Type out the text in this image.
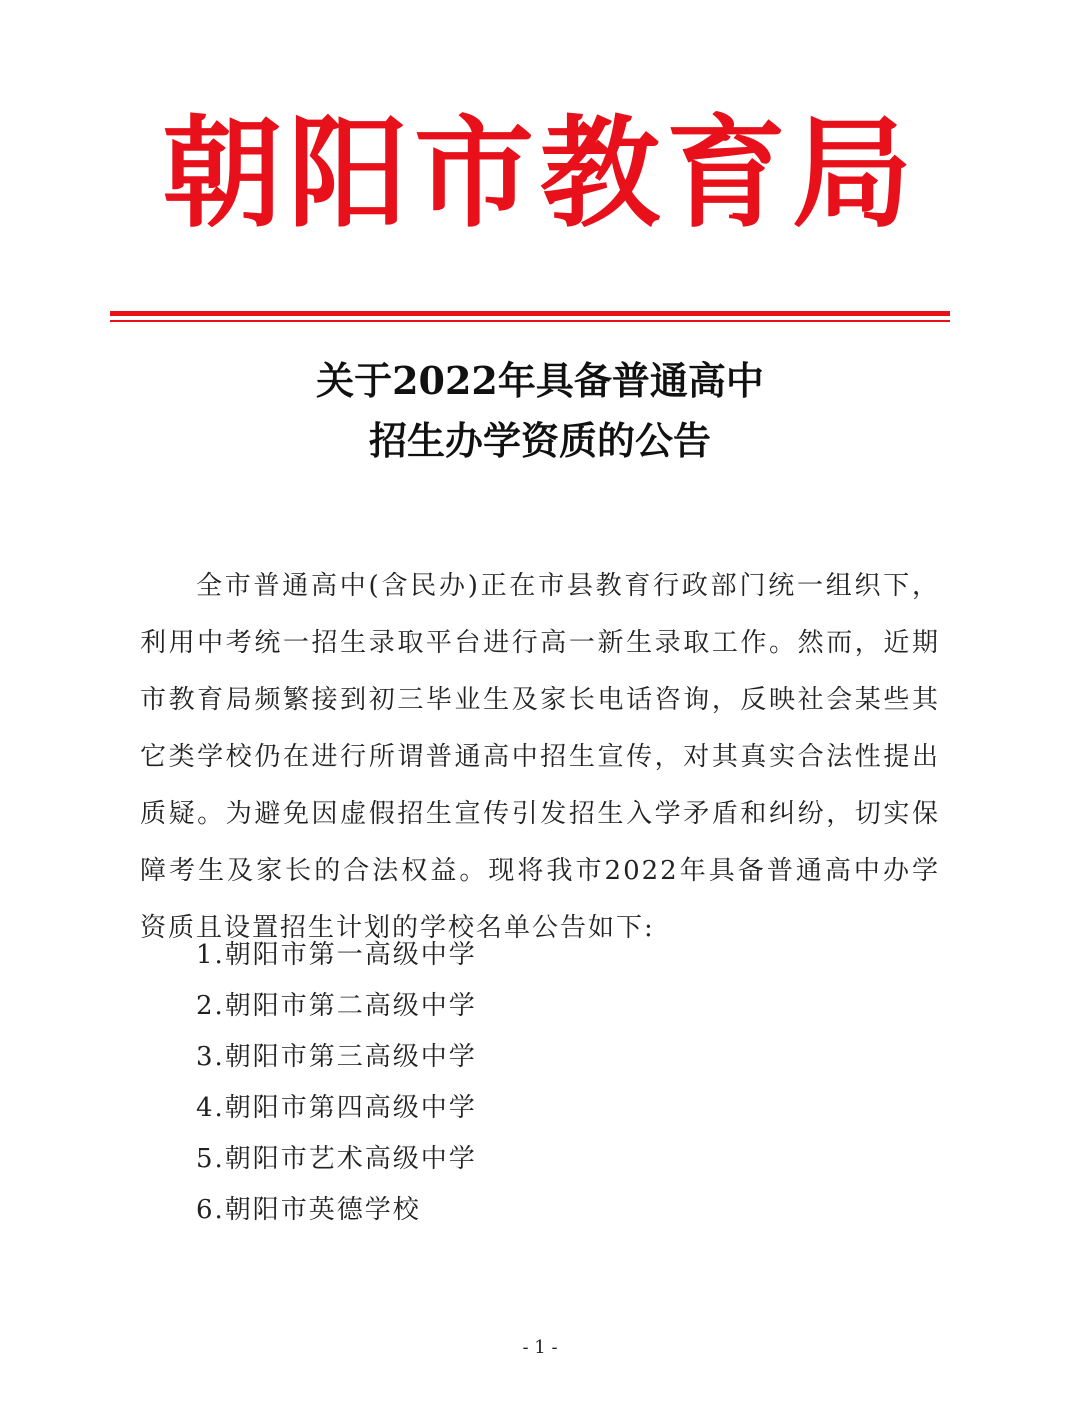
朝阳市教育局
关于2022年具备普通高中
招生办学资质的公告

全市普通高中(含民办)正在市县教育行政部门统一组织下，利用中考统一招生录取平台进行高一新生录取工作。然而，近期市教育局频繁接到初三毕业生及家长电话咨询，反映社会某些其它类学校仍在进行所谓普通高中招生宣传，对其真实合法性提出质疑。为避免因虚假招生宣传引发招生入学矛盾和纠纷，切实保障考生及家长的合法权益。现将我市2022年具备普通高中办学资质且设置招生计划的学校名单公告如下:

1.朝阳市第一高级中学
2.朝阳市第二高级中学
3.朝阳市第三高级中学
4.朝阳市第四高级中学
5.朝阳市艺术高级中学
6.朝阳市英德学校
- 1 -
